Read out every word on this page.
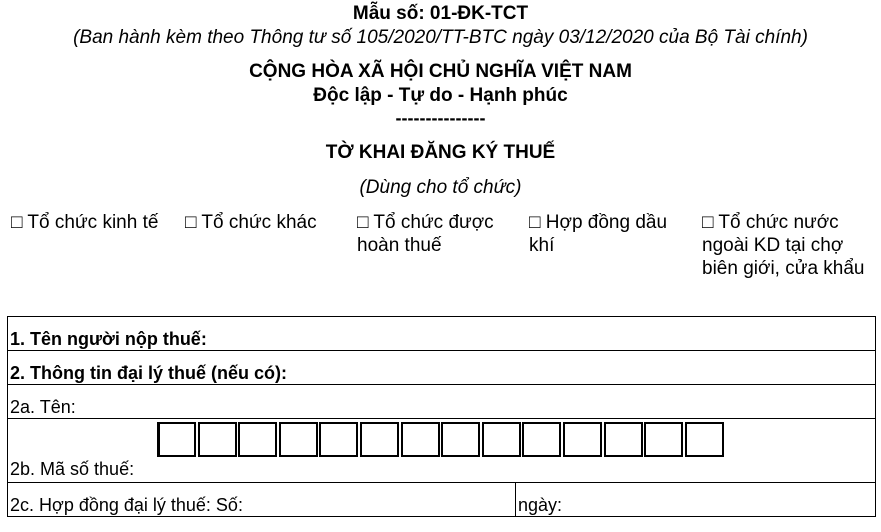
Mẫu số: 01-ĐK-TCT
(Ban hành kèm theo Thông tư số 105/2020/TT-BTC ngày 03/12/2020 của Bộ Tài chính)
CỘNG HÒA XÃ HỘI CHỦ NGHĨA VIỆT NAM
Độc lập - Tự do - Hạnh phúc
---------------
TỜ KHAI ĐĂNG KÝ THUẾ
(Dùng cho tổ chức)
□ Tổ chức kinh tế □ Tổ chức khác □ Tổ chức được
hoàn thuế
□ Hợp đồng dầu
khí
□ Tổ chức nước
ngoài KD tại chợ
biên giới, cửa khẩu
1. Tên người nộp thuế:
2. Thông tin đại lý thuế (nếu có):
2a. Tên:

2b. Mã số thuế:

2c. Hợp đồng đại lý thuế: Số:	ngày:
